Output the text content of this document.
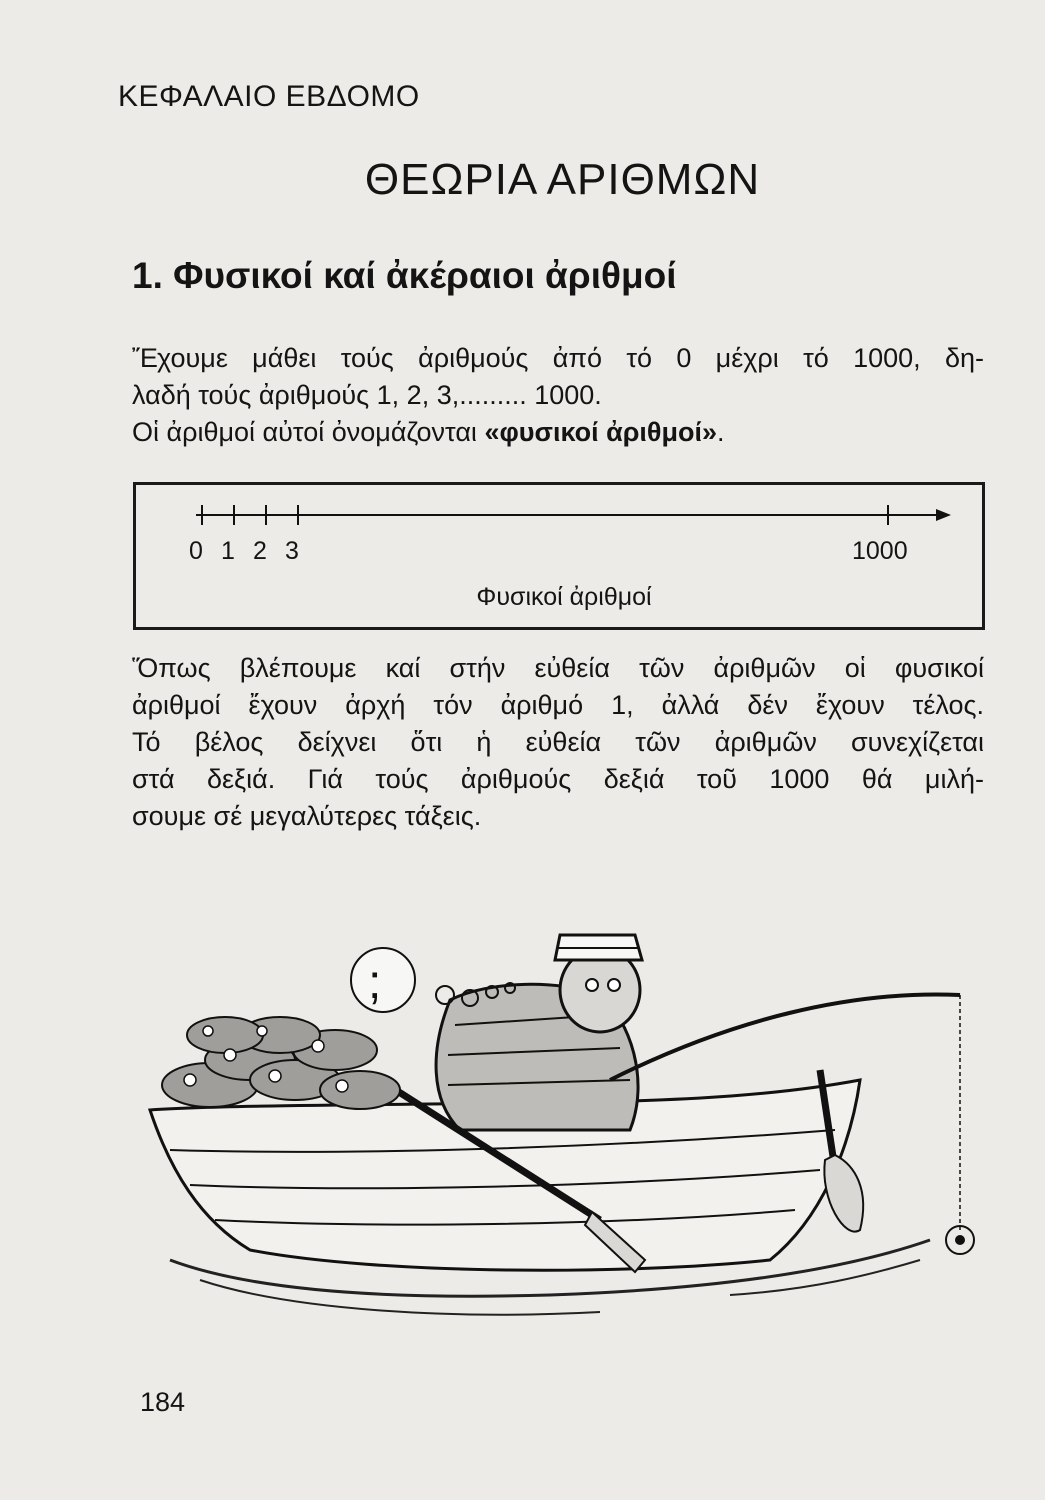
ΚΕΦΑΛΑΙΟ ΕΒΔΟΜΟ
ΘΕΩΡΙΑ ΑΡΙΘΜΩΝ
1. Φυσικοί καί ἀκέραιοι ἀριθμοί

Ἔχουμε μάθει τούς ἀριθμούς ἀπό τό 0 μέχρι τό 1000, δη-
λαδή τούς ἀριθμούς 1, 2, 3,......... 1000.
Οἱ ἀριθμοί αὐτοί ὀνομάζονται «φυσικοί ἀριθμοί».

0 1 2 3	1000
Φυσικοί ἀριθμοί

Ὅπως βλέπουμε καί στήν εὐθεία τῶν ἀριθμῶν οἱ φυσικοί
ἀριθμοί ἔχουν ἀρχή τόν ἀριθμό 1, ἀλλά δέν ἔχουν τέλος.
Τό βέλος δείχνει ὅτι ἡ εὐθεία τῶν ἀριθμῶν συνεχίζεται
στά δεξιά. Γιά τούς ἀριθμούς δεξιά τοῦ 1000 θά μιλή-
σουμε σέ μεγαλύτερες τάξεις.

;
184
